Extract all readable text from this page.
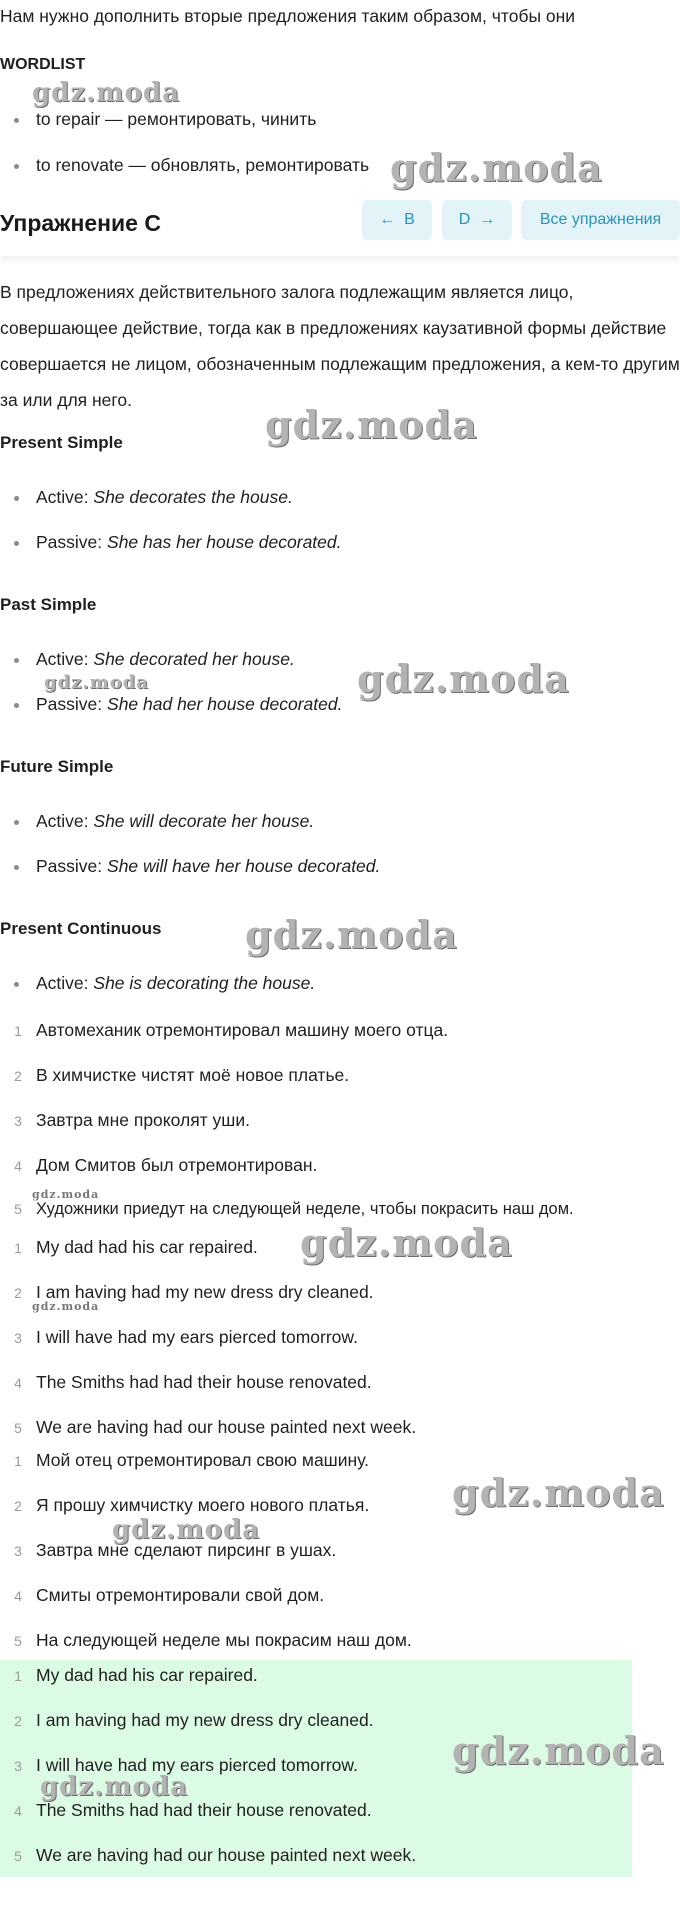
Нам нужно дополнить вторые предложения таким образом, чтобы они
WORDLIST
to repair — ремонтировать, чинить
to renovate — обновлять, ремонтировать
Упражнение C	← B	D →	Все упражнения
В предложениях действительного залога подлежащим является лицо, совершающее действие, тогда как в предложениях каузативной формы действие совершается не лицом, обозначенным подлежащим предложения, а кем-то другим за или для него.
Present Simple
Active: She decorates the house.
Passive: She has her house decorated.
Past Simple
Active: She decorated her house.
Passive: She had her house decorated.
Future Simple
Active: She will decorate her house.
Passive: She will have her house decorated.
Present Continuous
Active: She is decorating the house.
1 Автомеханик отремонтировал машину моего отца.
2 В химчистке чистят моё новое платье.
3 Завтра мне проколят уши.
4 Дом Смитов был отремонтирован.
5 Художники приедут на следующей неделе, чтобы покрасить наш дом.
1 My dad had his car repaired.
2 I am having had my new dress dry cleaned.
3 I will have had my ears pierced tomorrow.
4 The Smiths had had their house renovated.
5 We are having had our house painted next week.
1 Мой отец отремонтировал свою машину.
2 Я прошу химчистку моего нового платья.
3 Завтра мне сделают пирсинг в ушах.
4 Смиты отремонтировали свой дом.
5 На следующей неделе мы покрасим наш дом.
1 My dad had his car repaired.
2 I am having had my new dress dry cleaned.
3 I will have had my ears pierced tomorrow.
4 The Smiths had had their house renovated.
5 We are having had our house painted next week.
gdz.moda
gdz.moda
gdz.moda
gdz.moda	gdz.moda
gdz.moda
gdz.moda
gdz.moda
gdz.moda
gdz.moda
gdz.moda
gdz.moda
gdz.moda
